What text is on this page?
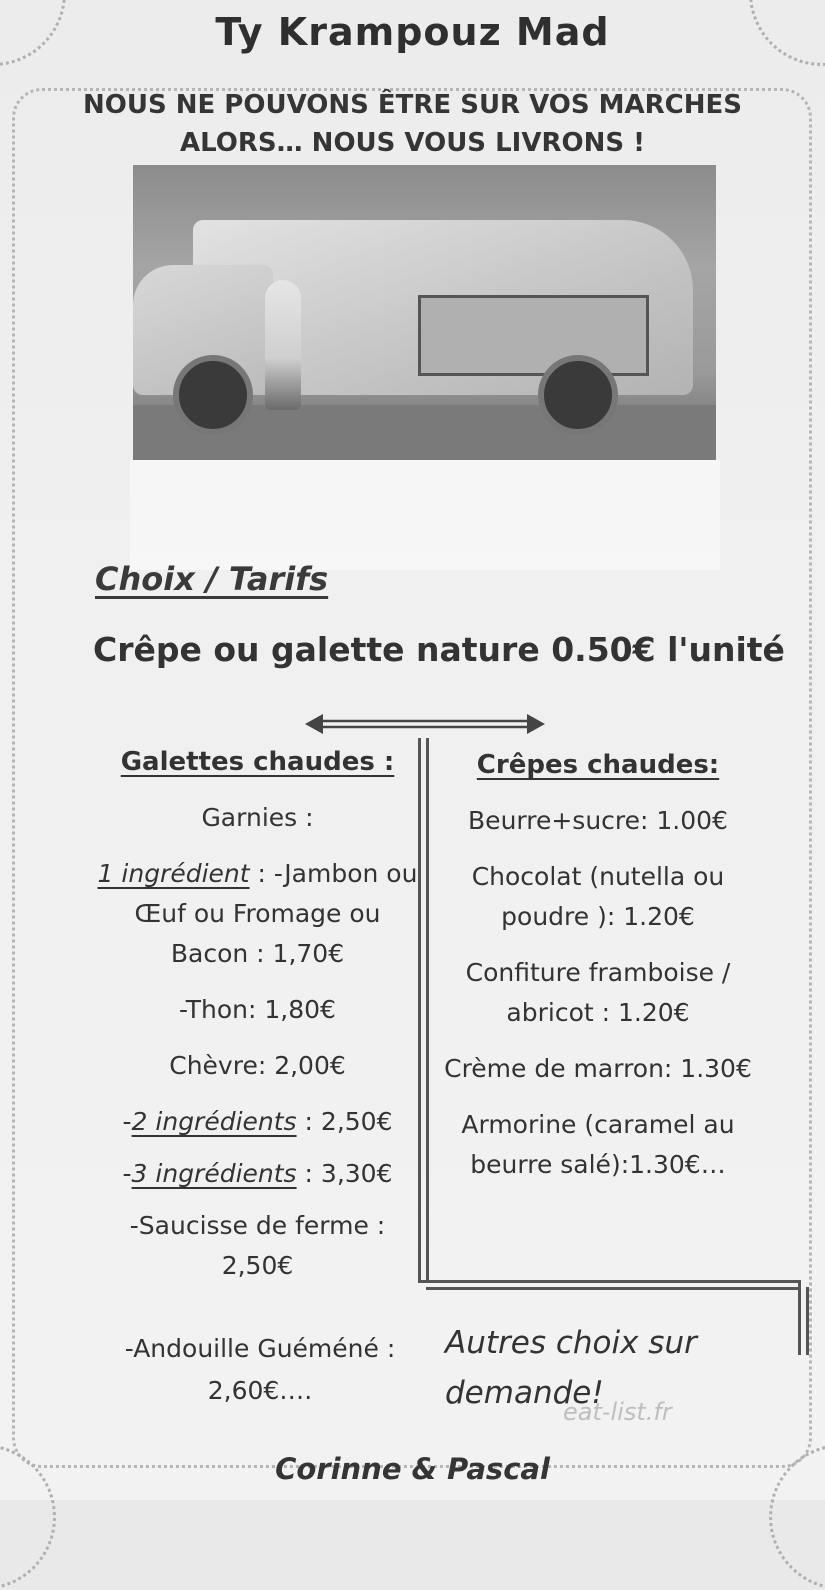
Ty Krampouz Mad
NOUS NE POUVONS ÊTRE SUR VOS MARCHES
ALORS… NOUS VOUS LIVRONS !
Choix / Tarifs
Crêpe ou galette nature 0.50€ l'unité
Galettes chaudes :
Garnies :
1 ingrédient : -Jambon ou Œuf ou Fromage ou Bacon : 1,70€
-Thon: 1,80€
Chèvre: 2,00€
-2 ingrédients : 2,50€
-3 ingrédients : 3,30€
-Saucisse de ferme : 2,50€
-Andouille Guéméné : 2,60€….
Crêpes chaudes:
Beurre+sucre: 1.00€
Chocolat (nutella ou poudre ): 1.20€
Confiture framboise / abricot : 1.20€
Crème de marron: 1.30€
Armorine (caramel au beurre salé):1.30€…
Autres choix sur demande!
eat-list.fr
Corinne & Pascal
